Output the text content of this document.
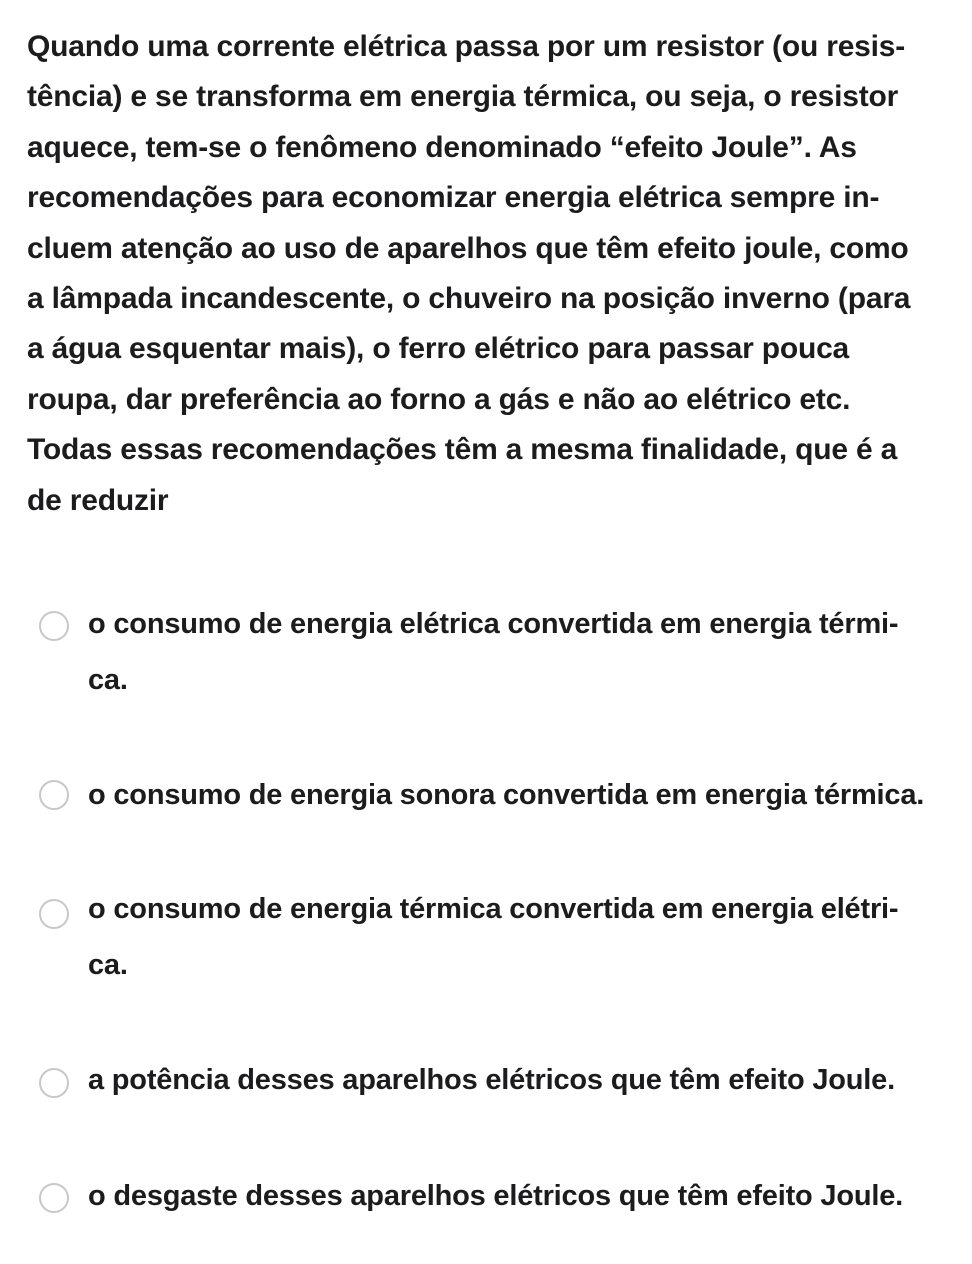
Quando uma corrente elétrica passa por um resistor (ou resis-
tência) e se transforma em energia térmica, ou seja, o resistor
aquece, tem-se o fenômeno denominado “efeito Joule”. As
recomendações para economizar energia elétrica sempre in-
cluem atenção ao uso de aparelhos que têm efeito joule, como
a lâmpada incandescente, o chuveiro na posição inverno (para
a água esquentar mais), o ferro elétrico para passar pouca
roupa, dar preferência ao forno a gás e não ao elétrico etc.
Todas essas recomendações têm a mesma finalidade, que é a
de reduzir
o consumo de energia elétrica convertida em energia térmi-
ca.
o consumo de energia sonora convertida em energia térmica.
o consumo de energia térmica convertida em energia elétri-
ca.
a potência desses aparelhos elétricos que têm efeito Joule.
o desgaste desses aparelhos elétricos que têm efeito Joule.
